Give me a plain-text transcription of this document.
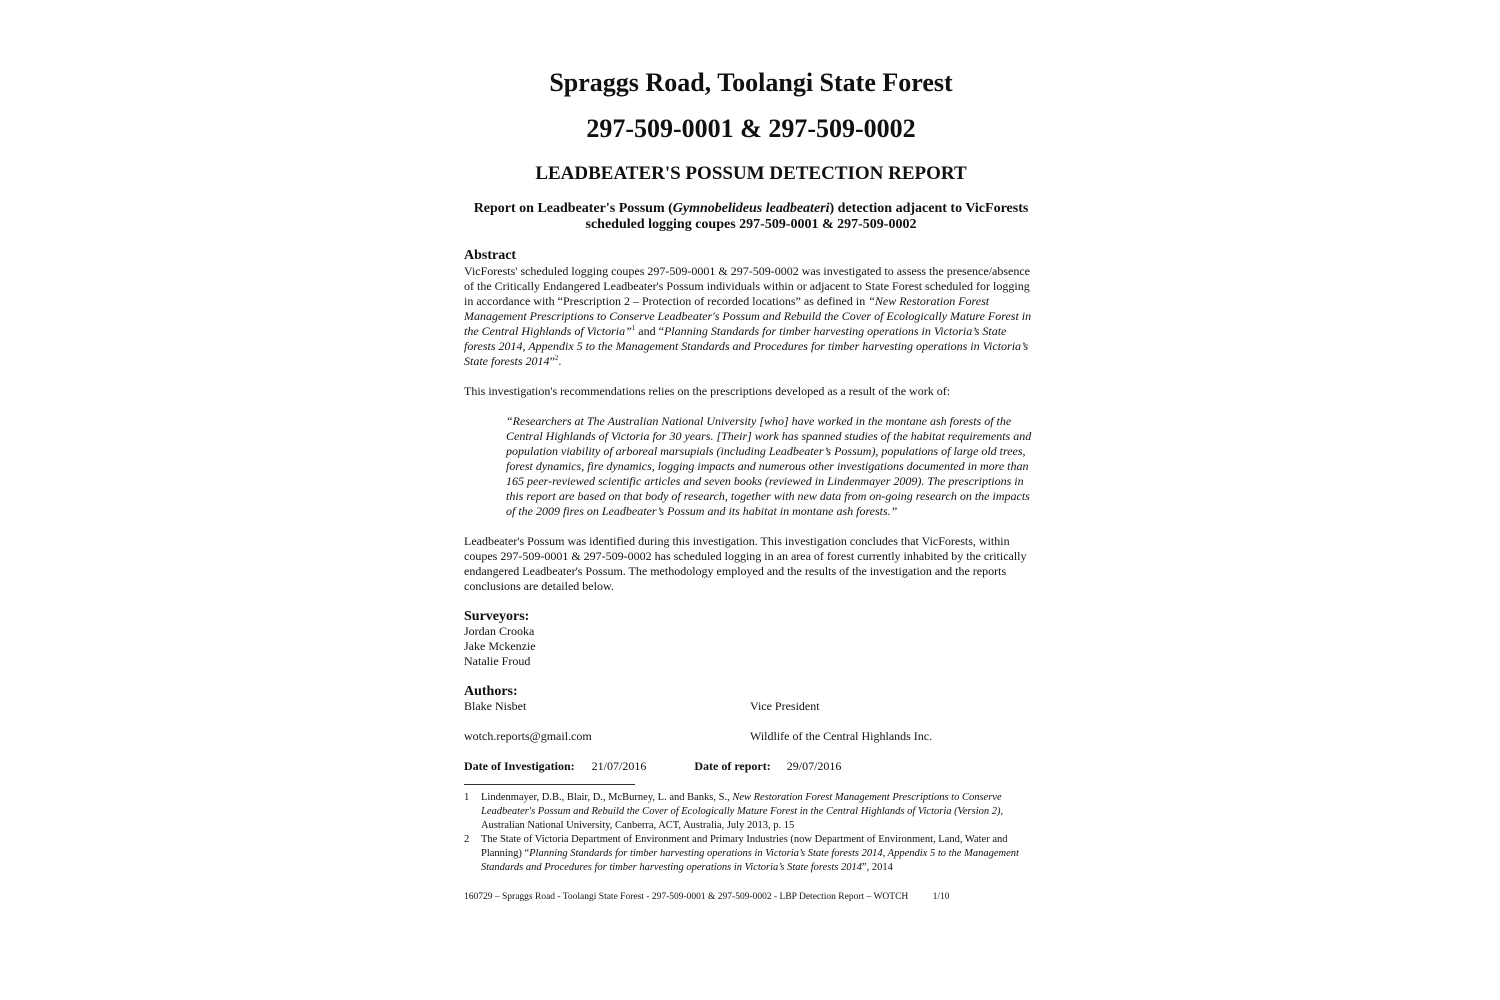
Spraggs Road, Toolangi State Forest
297-509-0001 & 297-509-0002
LEADBEATER'S POSSUM DETECTION REPORT
Report on Leadbeater's Possum (Gymnobelideus leadbeateri) detection adjacent to VicForests scheduled logging coupes 297-509-0001 & 297-509-0002
Abstract

VicForests' scheduled logging coupes 297-509-0001 & 297-509-0002 was investigated to assess the presence/absence of the Critically Endangered Leadbeater's Possum individuals within or adjacent to State Forest scheduled for logging in accordance with “Prescription 2 – Protection of recorded locations” as defined in “New Restoration Forest Management Prescriptions to Conserve Leadbeater's Possum and Rebuild the Cover of Ecologically Mature Forest in the Central Highlands of Victoria”$^1$ and “Planning Standards for timber harvesting operations in Victoria’s State forests 2014, Appendix 5 to the Management Standards and Procedures for timber harvesting operations in Victoria’s State forests 2014”$^2$.

This investigation's recommendations relies on the prescriptions developed as a result of the work of:

“Researchers at The Australian National University [who] have worked in the montane ash forests of the Central Highlands of Victoria for 30 years. [Their] work has spanned studies of the habitat requirements and population viability of arboreal marsupials (including Leadbeater’s Possum), populations of large old trees, forest dynamics, fire dynamics, logging impacts and numerous other investigations documented in more than 165 peer-reviewed scientific articles and seven books (reviewed in Lindenmayer 2009). The prescriptions in this report are based on that body of research, together with new data from on-going research on the impacts of the 2009 fires on Leadbeater’s Possum and its habitat in montane ash forests.”

Leadbeater's Possum was identified during this investigation. This investigation concludes that VicForests, within coupes 297-509-0001 & 297-509-0002 has scheduled logging in an area of forest currently inhabited by the critically endangered Leadbeater's Possum. The methodology employed and the results of the investigation and the reports conclusions are detailed below.

Surveyors:
Jordan Crooka
Jake Mckenzie
Natalie Froud
Authors:
Blake Nisbet	Vice President
wotch.reports@gmail.com	Wildlife of the Central Highlands Inc.
Date of Investigation: 21/07/2016	Date of report: 29/07/2016
1	Lindenmayer, D.B., Blair, D., McBurney, L. and Banks, S., New Restoration Forest Management Prescriptions to Conserve Leadbeater's Possum and Rebuild the Cover of Ecologically Mature Forest in the Central Highlands of Victoria (Version 2), Australian National University, Canberra, ACT, Australia, July 2013, p. 15
2	The State of Victoria Department of Environment and Primary Industries (now Department of Environment, Land, Water and Planning) “Planning Standards for timber harvesting operations in Victoria’s State forests 2014, Appendix 5 to the Management Standards and Procedures for timber harvesting operations in Victoria’s State forests 2014”, 2014
160729 – Spraggs Road - Toolangi State Forest - 297-509-0001 & 297-509-0002 - LBP Detection Report – WOTCH	1/10
